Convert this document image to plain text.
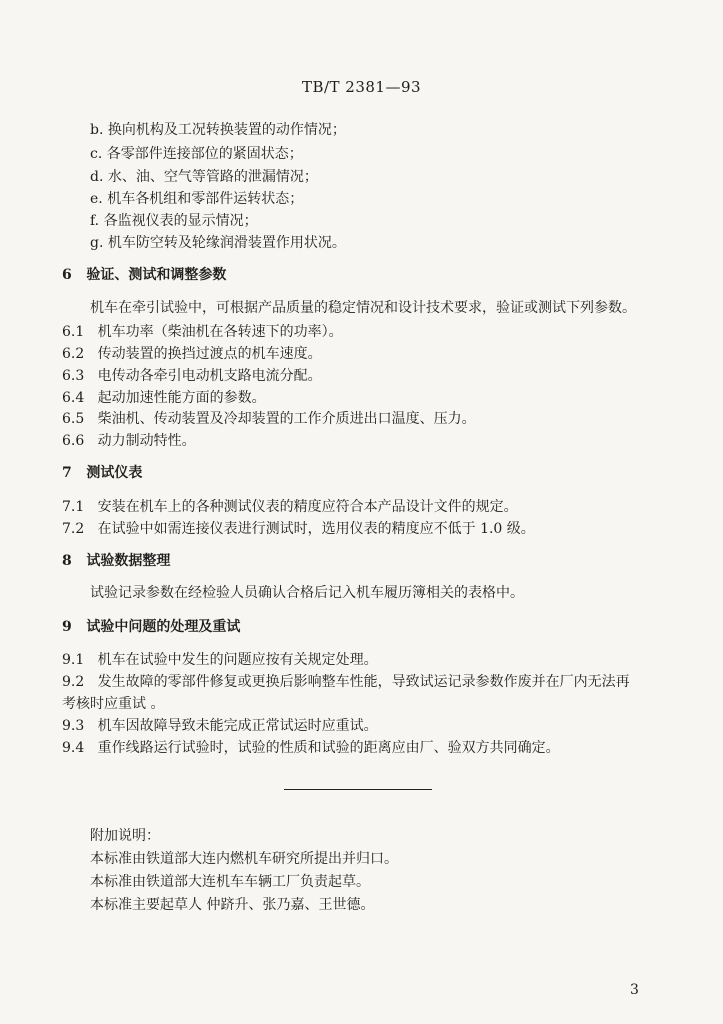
TB/T 2381—93
b. 换向机构及工况转换装置的动作情况；
c. 各零部件连接部位的紧固状态；
d. 水、油、空气等管路的泄漏情况；
e. 机车各机组和零部件运转状态；
f. 各监视仪表的显示情况；
g. 机车防空转及轮缘润滑装置作用状况。
6 验证、测试和调整参数
机车在牵引试验中，可根据产品质量的稳定情况和设计技术要求，验证或测试下列参数。
6.1 机车功率（柴油机在各转速下的功率）。
6.2 传动装置的换挡过渡点的机车速度。
6.3 电传动各牵引电动机支路电流分配。
6.4 起动加速性能方面的参数。
6.5 柴油机、传动装置及冷却装置的工作介质进出口温度、压力。
6.6 动力制动特性。
7 测试仪表
7.1 安装在机车上的各种测试仪表的精度应符合本产品设计文件的规定。
7.2 在试验中如需连接仪表进行测试时，选用仪表的精度应不低于 1.0 级。
8 试验数据整理
试验记录参数在经检验人员确认合格后记入机车履历簿相关的表格中。
9 试验中问题的处理及重试
9.1 机车在试验中发生的问题应按有关规定处理。
9.2 发生故障的零部件修复或更换后影响整车性能，导致试运记录参数作废并在厂内无法再
考核时应重试 。
9.3 机车因故障导致未能完成正常试运时应重试。
9.4 重作线路运行试验时，试验的性质和试验的距离应由厂、验双方共同确定。
附加说明：
本标准由铁道部大连内燃机车研究所提出并归口。
本标准由铁道部大连机车车辆工厂负责起草。
本标准主要起草人 仲跻升、张乃嘉、王世德。
3
